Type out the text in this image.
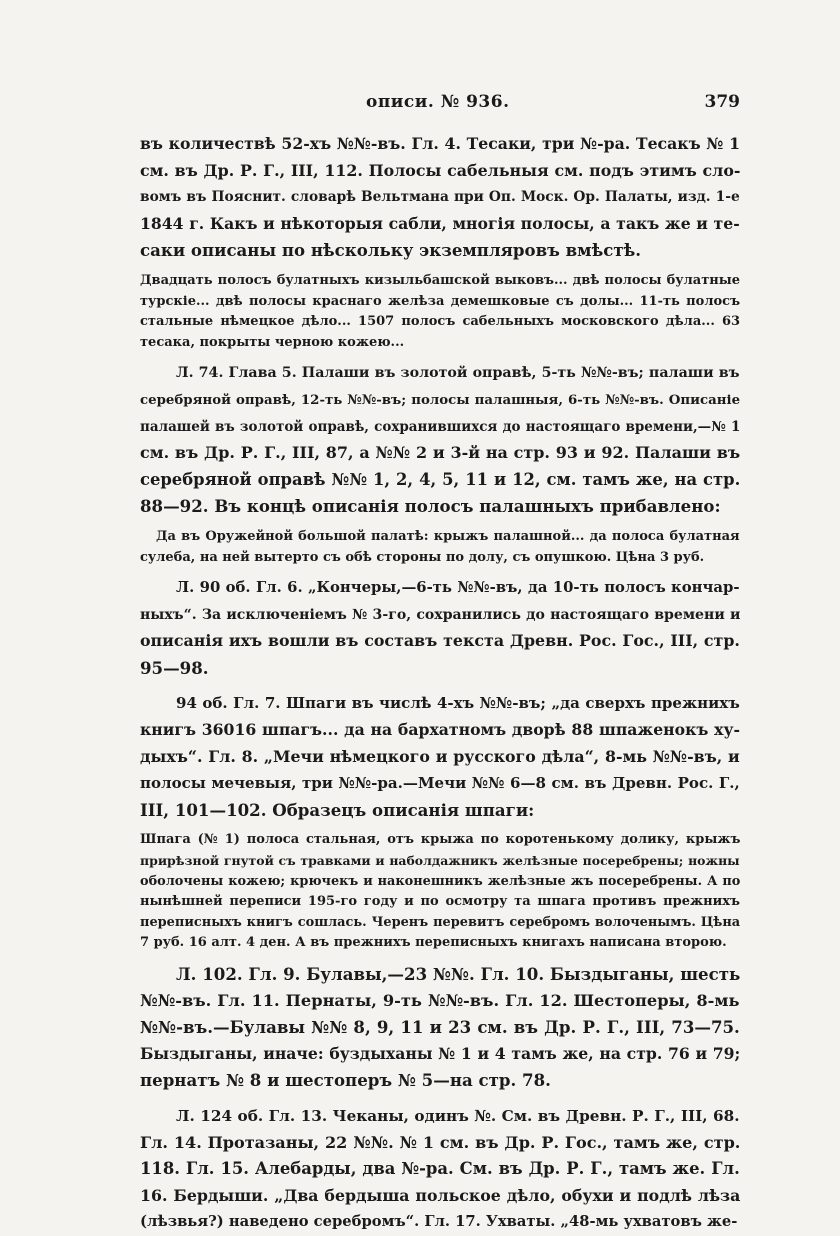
описи. № 936.	379
въ количествѣ 52-хъ №№-въ. Гл. 4. Тесаки, три №-ра. Тесакъ № 1
см. въ Др. Р. Г., III, 112. Полосы сабельныя см. подъ этимъ сло-
вомъ въ Пояснит. словарѣ Вельтмана при Оп. Моск. Ор. Палаты, изд. 1-е
1844 г. Какъ и нѣкоторыя сабли, многія полосы, а такъ же и те-
саки описаны по нѣскольку экземпляровъ вмѣстѣ.
Двадцать полосъ булатныхъ кизыльбашской выковъ... двѣ полосы булатные
турскіе... двѣ полосы краснаго желѣза демешковые съ долы... 11-ть полосъ
стальные нѣмецкое дѣло... 1507 полосъ сабельныхъ московского дѣла... 63
тесака, покрыты черною кожею...
Л. 74. Глава 5. Палаши въ золотой оправѣ, 5-ть №№-въ; палаши въ
серебряной оправѣ, 12-ть №№-въ; полосы палашныя, 6-ть №№-въ. Описаніе
палашей въ золотой оправѣ, сохранившихся до настоящаго времени,—№ 1
см. въ Др. Р. Г., III, 87, а №№ 2 и 3-й на стр. 93 и 92. Палаши въ
серебряной оправѣ №№ 1, 2, 4, 5, 11 и 12, см. тамъ же, на стр.
88—92. Въ концѣ описанія полосъ палашныхъ прибавлено:
Да въ Оружейной большой палатѣ: крыжъ палашной... да полоса булатная
сулеба, на ней вытерто съ обѣ стороны по долу, съ опушкою. Цѣна 3 руб.
Л. 90 об. Гл. 6. „Кончеры,—6-ть №№-въ, да 10-ть полосъ кончар-
ныхъ“. За исключеніемъ № 3-го, сохранились до настоящаго времени и
описанія ихъ вошли въ составъ текста Древн. Рос. Гос., III, стр.
95—98.
94 об. Гл. 7. Шпаги въ числѣ 4-хъ №№-въ; „да сверхъ прежнихъ
книгъ 36016 шпагъ... да на бархатномъ дворѣ 88 шпаженокъ ху-
дыхъ“. Гл. 8. „Мечи нѣмецкого и русского дѣла“, 8-мь №№-въ, и
полосы мечевыя, три №№-ра.—Мечи №№ 6—8 см. въ Древн. Рос. Г.,
III, 101—102. Образецъ описанія шпаги:
Шпага (№ 1) полоса стальная, отъ крыжа по коротенькому долику, крыжъ
прирѣзной гнутой съ травками и наболдажникъ желѣзные посеребрены; ножны
оболочены кожею; крючекъ и наконешникъ желѣзные жъ посеребрены. А по
нынѣшней переписи 195-го году и по осмотру та шпага противъ прежнихъ
переписныхъ книгъ сошлась. Черенъ перевитъ серебромъ волоченымъ. Цѣна
7 руб. 16 алт. 4 ден. А въ прежнихъ переписныхъ книгахъ написана второю.
Л. 102. Гл. 9. Булавы,—23 №№. Гл. 10. Быздыганы, шесть
№№-въ. Гл. 11. Пернаты, 9-ть №№-въ. Гл. 12. Шестоперы, 8-мь
№№-въ.—Булавы №№ 8, 9, 11 и 23 см. въ Др. Р. Г., III, 73—75.
Быздыганы, иначе: буздыханы № 1 и 4 тамъ же, на стр. 76 и 79;
пернатъ № 8 и шестоперъ № 5—на стр. 78.
Л. 124 об. Гл. 13. Чеканы, одинъ №. См. въ Древн. Р. Г., III, 68.
Гл. 14. Протазаны, 22 №№. № 1 см. въ Др. Р. Гос., тамъ же, стр.
118. Гл. 15. Алебарды, два №-ра. См. въ Др. Р. Г., тамъ же. Гл.
16. Бердыши. „Два бердыша польское дѣло, обухи и подлѣ лѣза
(лѣзвья?) наведено серебромъ“. Гл. 17. Ухваты. „48-мь ухватовъ же-
